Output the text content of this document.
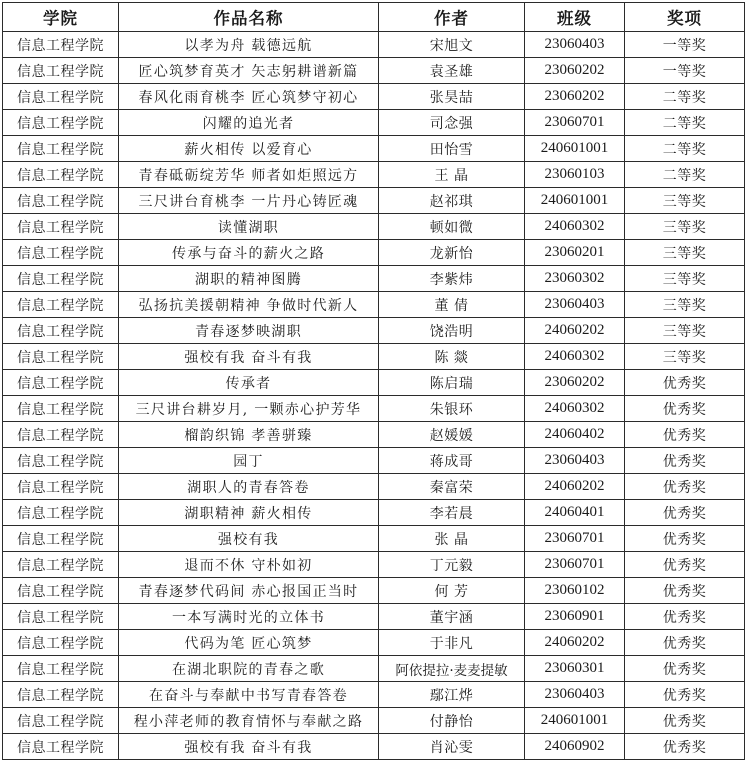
学院	作品名称	作者	班级	奖项
信息工程学院	以孝为舟 载德远航	宋旭文	23060403	一等奖
信息工程学院	匠心筑梦育英才 矢志躬耕谱新篇	袁圣雄	23060202	一等奖
信息工程学院	春风化雨育桃李 匠心筑梦守初心	张昊喆	23060202	二等奖
信息工程学院	闪耀的追光者	司念强	23060701	二等奖
信息工程学院	薪火相传 以爱育心	田怡雪	240601001	二等奖
信息工程学院	青春砥砺绽芳华 师者如炬照远方	王 晶	23060103	二等奖
信息工程学院	三尺讲台育桃李 一片丹心铸匠魂	赵祁琪	240601001	三等奖
信息工程学院	读懂湖职	顿如微	24060302	三等奖
信息工程学院	传承与奋斗的薪火之路	龙新怡	23060201	三等奖
信息工程学院	湖职的精神图腾	李紫炜	23060302	三等奖
信息工程学院	弘扬抗美援朝精神 争做时代新人	董 倩	23060403	三等奖
信息工程学院	青春逐梦映湖职	饶浩明	24060202	三等奖
信息工程学院	强校有我 奋斗有我	陈 燚	24060302	三等奖
信息工程学院	传承者	陈启瑞	23060202	优秀奖
信息工程学院	三尺讲台耕岁月, 一颗赤心护芳华	朱银环	24060302	优秀奖
信息工程学院	榴韵织锦 孝善骈臻	赵媛媛	24060402	优秀奖
信息工程学院	园丁	蒋成哥	23060403	优秀奖
信息工程学院	湖职人的青春答卷	秦富荣	24060202	优秀奖
信息工程学院	湖职精神 薪火相传	李若晨	24060401	优秀奖
信息工程学院	强校有我	张 晶	23060701	优秀奖
信息工程学院	退而不休 守朴如初	丁元毅	23060701	优秀奖
信息工程学院	青春逐梦代码间 赤心报国正当时	何 芳	23060102	优秀奖
信息工程学院	一本写满时光的立体书	董宇涵	23060901	优秀奖
信息工程学院	代码为笔 匠心筑梦	于非凡	24060202	优秀奖
信息工程学院	在湖北职院的青春之歌	阿依提拉·麦麦提敏	23060301	优秀奖
信息工程学院	在奋斗与奉献中书写青春答卷	鄢江烨	23060403	优秀奖
信息工程学院	程小萍老师的教育情怀与奉献之路	付静怡	240601001	优秀奖
信息工程学院	强校有我 奋斗有我	肖沁雯	24060902	优秀奖
